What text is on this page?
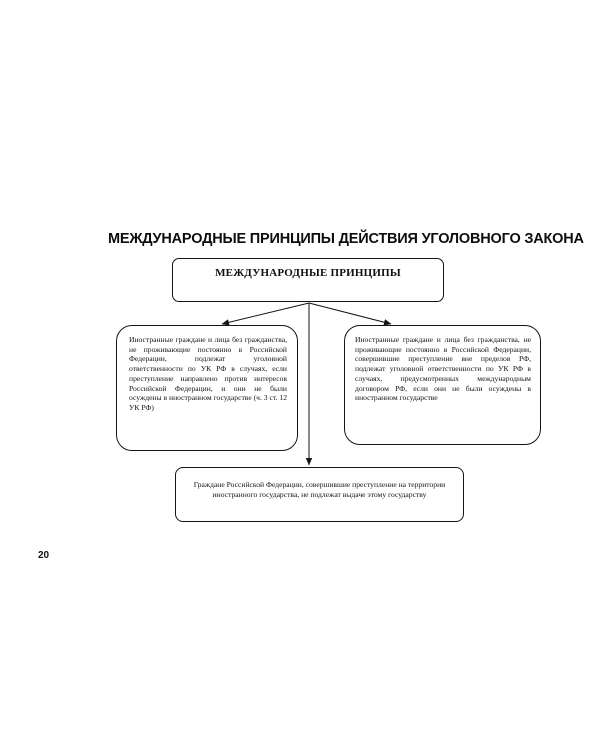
МЕЖДУНАРОДНЫЕ ПРИНЦИПЫ ДЕЙСТВИЯ УГОЛОВНОГО ЗАКОНА
МЕЖДУНАРОДНЫЕ ПРИНЦИПЫ

Иностранные граждане и лица без гражданства, не проживающие постоянно в Российской Федерации, подлежат уголовной ответственности по УК РФ в случаях, если преступление направлено против интересов Российской Федерации, и они не были осуждены в иностранном государстве (ч. 3 ст. 12 УК РФ)

Иностранные граждане и лица без гражданства, не проживающие постоянно в Российской Федерации, совершившие преступление вне пределов РФ, подлежат уголовной ответственности по УК РФ в случаях, предусмотренных международным договором РФ, если они не были осуждены в иностранном государстве

Граждане Российской Федерации, совершившие преступление на территории иностранного государства, не подлежат выдаче этому государству

20
